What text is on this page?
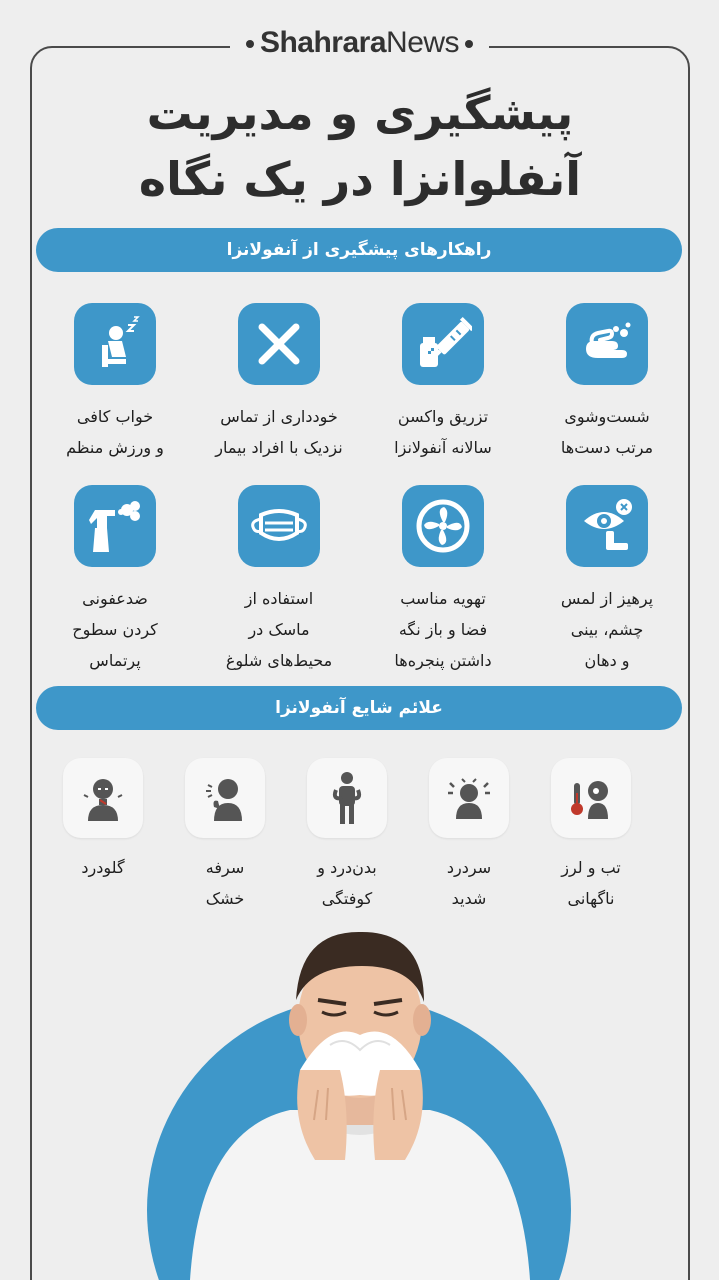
ShahraraNews
پیشگیری و مدیریت
آنفلوانزا در یک نگاه
راهکارهای پیشگیری از آنفولانزا
شست‌وشوی
مرتب دست‌ها
تزریق واکسن
سالانه آنفولانزا
خودداری از تماس
نزدیک با افراد بیمار
خواب کافی
و ورزش منظم
پرهیز از لمس
چشم، بینی
و دهان
تهویه مناسب
فضا و باز نگه
داشتن پنجره‌ها
استفاده از
ماسک در
محیط‌های شلوغ
ضدعفونی
کردن سطوح
پرتماس
علائم شایع آنفولانزا
تب و لرز
ناگهانی
سردرد
شدید
بدن‌درد و
کوفتگی
سرفه
خشک
گلودرد
